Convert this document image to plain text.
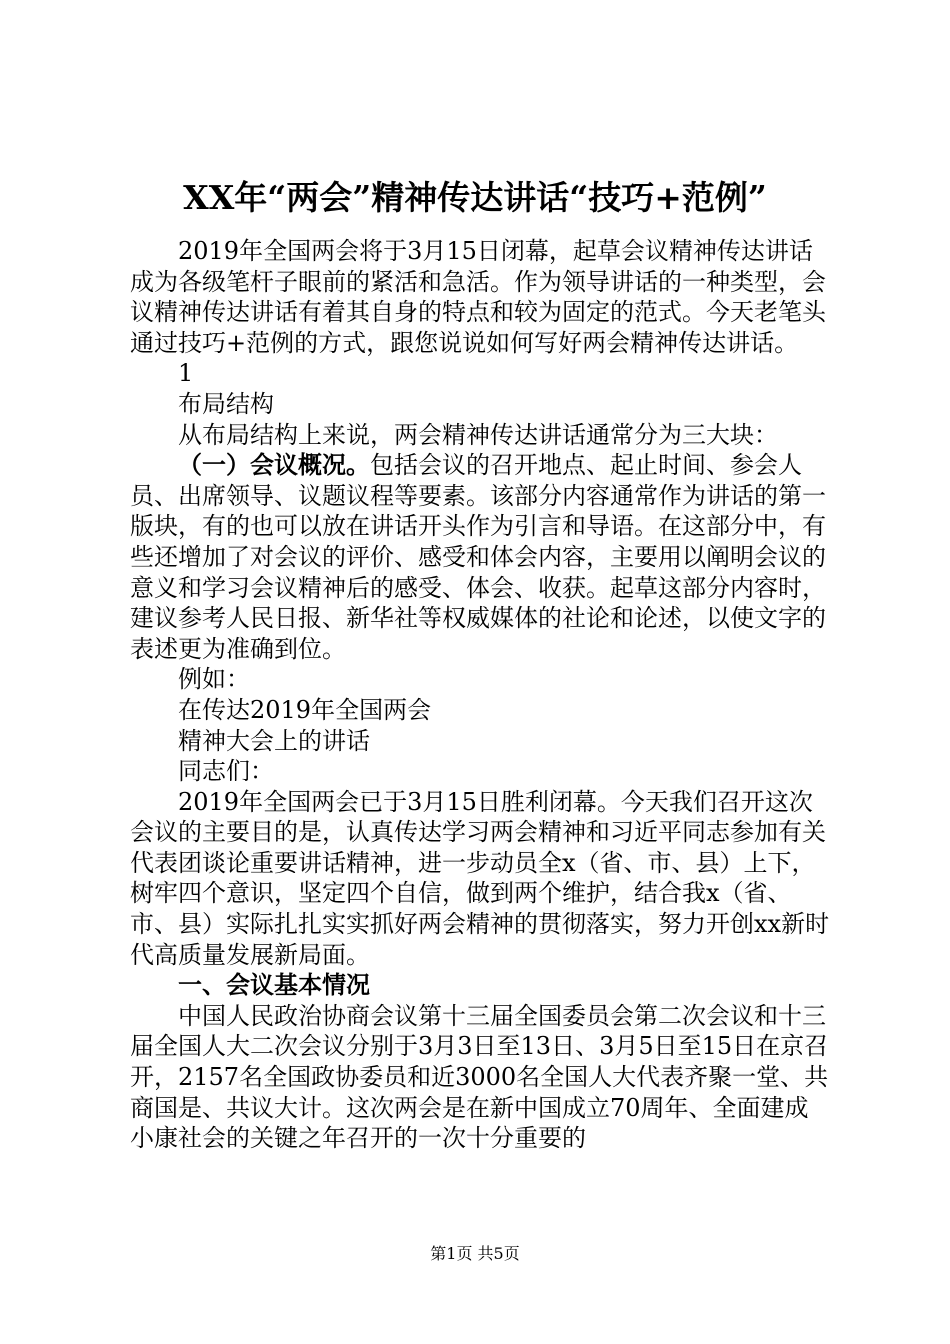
XX年“两会”精神传达讲话“技巧+范例”

2019年全国两会将于3月15日闭幕，起草会议精神传达讲话成为各级笔杆子眼前的紧活和急活。作为领导讲话的一种类型，会议精神传达讲话有着其自身的特点和较为固定的范式。今天老笔头通过技巧+范例的方式，跟您说说如何写好两会精神传达讲话。

1

布局结构

从布局结构上来说，两会精神传达讲话通常分为三大块：

（一）会议概况。包括会议的召开地点、起止时间、参会人员、出席领导、议题议程等要素。该部分内容通常作为讲话的第一版块，有的也可以放在讲话开头作为引言和导语。在这部分中，有些还增加了对会议的评价、感受和体会内容，主要用以阐明会议的意义和学习会议精神后的感受、体会、收获。起草这部分内容时，建议参考人民日报、新华社等权威媒体的社论和论述，以使文字的表述更为准确到位。

例如：

在传达2019年全国两会

精神大会上的讲话

同志们：

2019年全国两会已于3月15日胜利闭幕。今天我们召开这次会议的主要目的是，认真传达学习两会精神和习近平同志参加有关代表团谈论重要讲话精神，进一步动员全x（省、市、县）上下，树牢四个意识，坚定四个自信，做到两个维护，结合我x（省、市、县）实际扎扎实实抓好两会精神的贯彻落实，努力开创xx新时代高质量发展新局面。

一、会议基本情况

中国人民政治协商会议第十三届全国委员会第二次会议和十三届全国人大二次会议分别于3月3日至13日、3月5日至15日在京召开，2157名全国政协委员和近3000名全国人大代表齐聚一堂、共商国是、共议大计。这次两会是在新中国成立70周年、全面建成小康社会的关键之年召开的一次十分重要的

第1页 共5页
